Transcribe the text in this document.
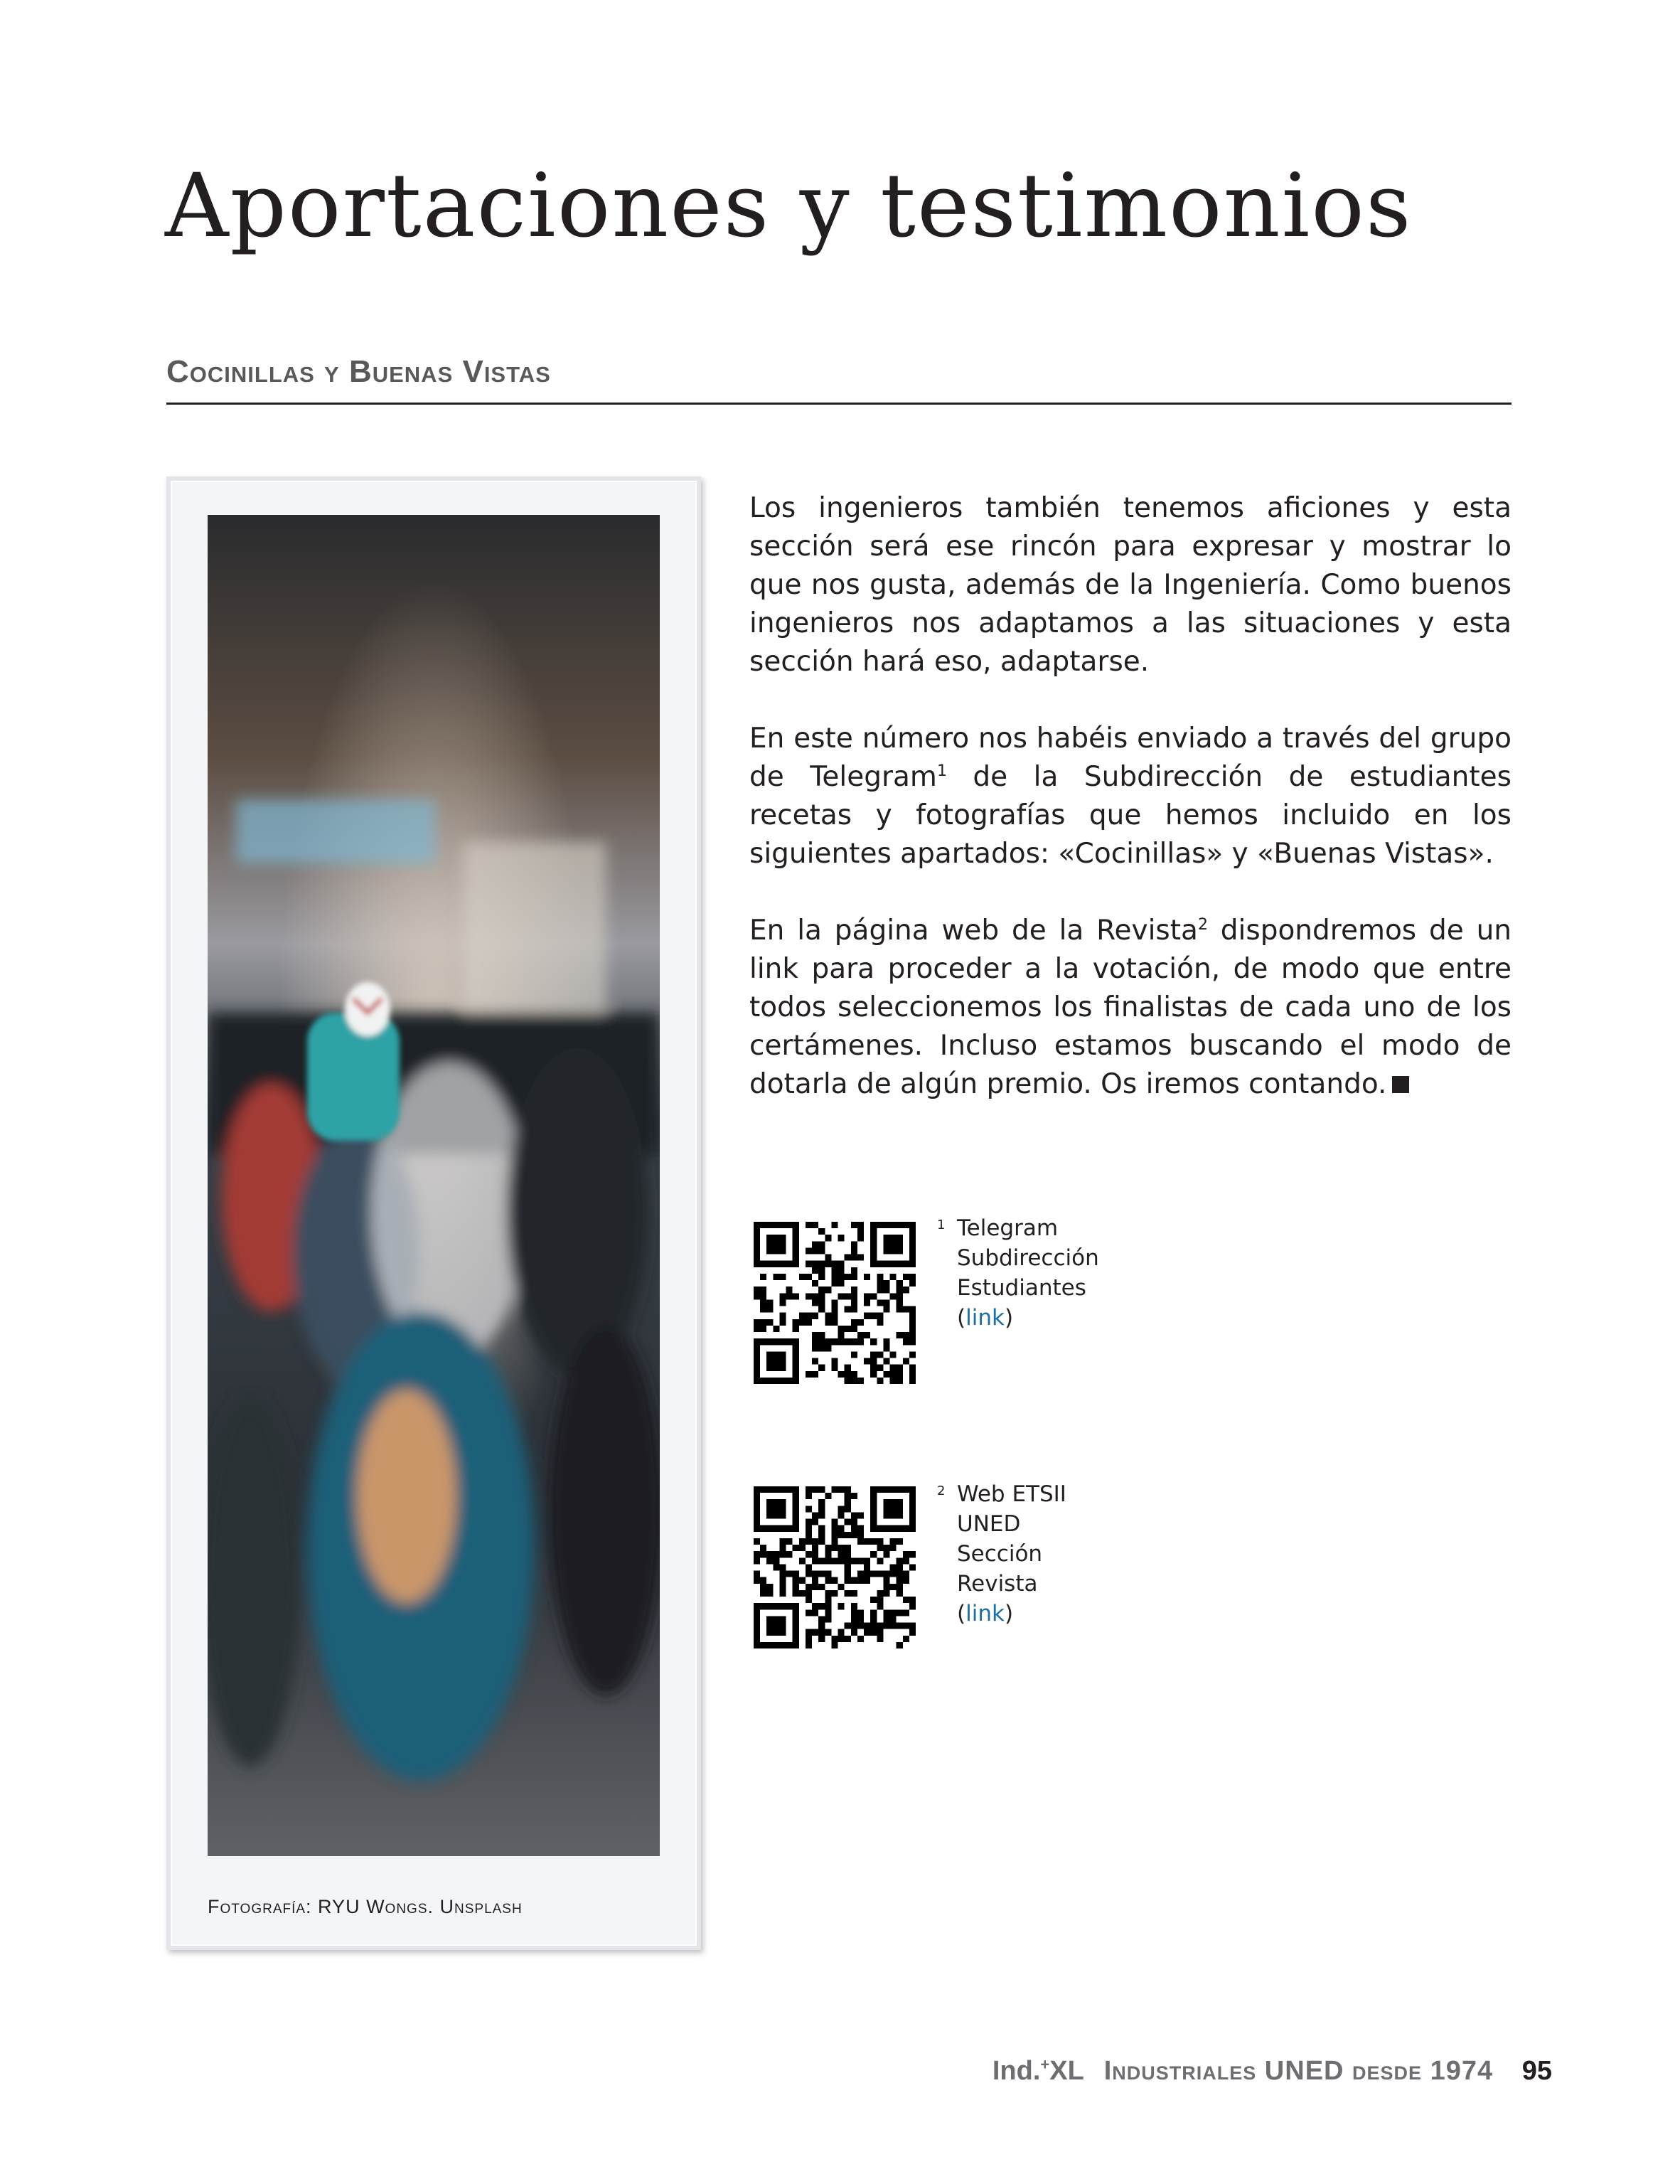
Aportaciones y testimonios
Cocinillas y Buenas Vistas
Fotografía: RYU Wongs. Unsplash

Los ingenieros también tenemos aficiones y esta sección será ese rincón para expresar y mostrar lo que nos gusta, además de la Ingeniería. Como buenos ingenieros nos adaptamos a las situaciones y esta sección hará eso, adaptarse.

En este número nos habéis enviado a través del grupo de Telegram$^1$ de la Subdirección de estudiantes recetas y fotografías que hemos incluido en los siguientes apartados: «Cocinillas» y «Buenas Vistas».

En la página web de la Revista$^2$ dispondremos de un link para proceder a la votación, de modo que entre todos seleccionemos los finalistas de cada uno de los certámenes. Incluso estamos buscando el modo de dotarla de algún premio. Os iremos contando.

1 Telegram
Subdirección
Estudiantes
(link)
2 Web ETSII
UNED
Sección
Revista
(link)
Ind.+XL Industriales UNED desde 1974 95
